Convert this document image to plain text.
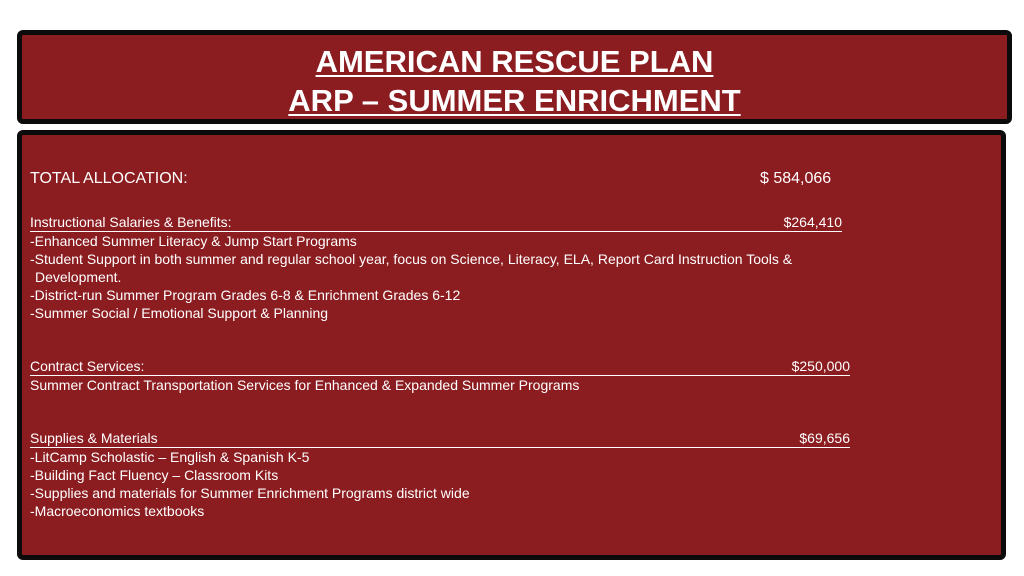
AMERICAN RESCUE PLAN
ARP – SUMMER ENRICHMENT
TOTAL ALLOCATION:	$ 584,066
Instructional Salaries & Benefits:	$264,410
-Enhanced Summer Literacy & Jump Start Programs
-Student Support in both summer and regular school year, focus on Science, Literacy, ELA, Report Card Instruction Tools &
Development.
-District-run Summer Program Grades 6-8 & Enrichment Grades 6-12
-Summer Social / Emotional Support & Planning
Contract Services:	$250,000
Summer Contract Transportation Services for Enhanced & Expanded Summer Programs
Supplies & Materials	$69,656
-LitCamp Scholastic – English & Spanish K-5
-Building Fact Fluency – Classroom Kits
-Supplies and materials for Summer Enrichment Programs district wide
-Macroeconomics textbooks
